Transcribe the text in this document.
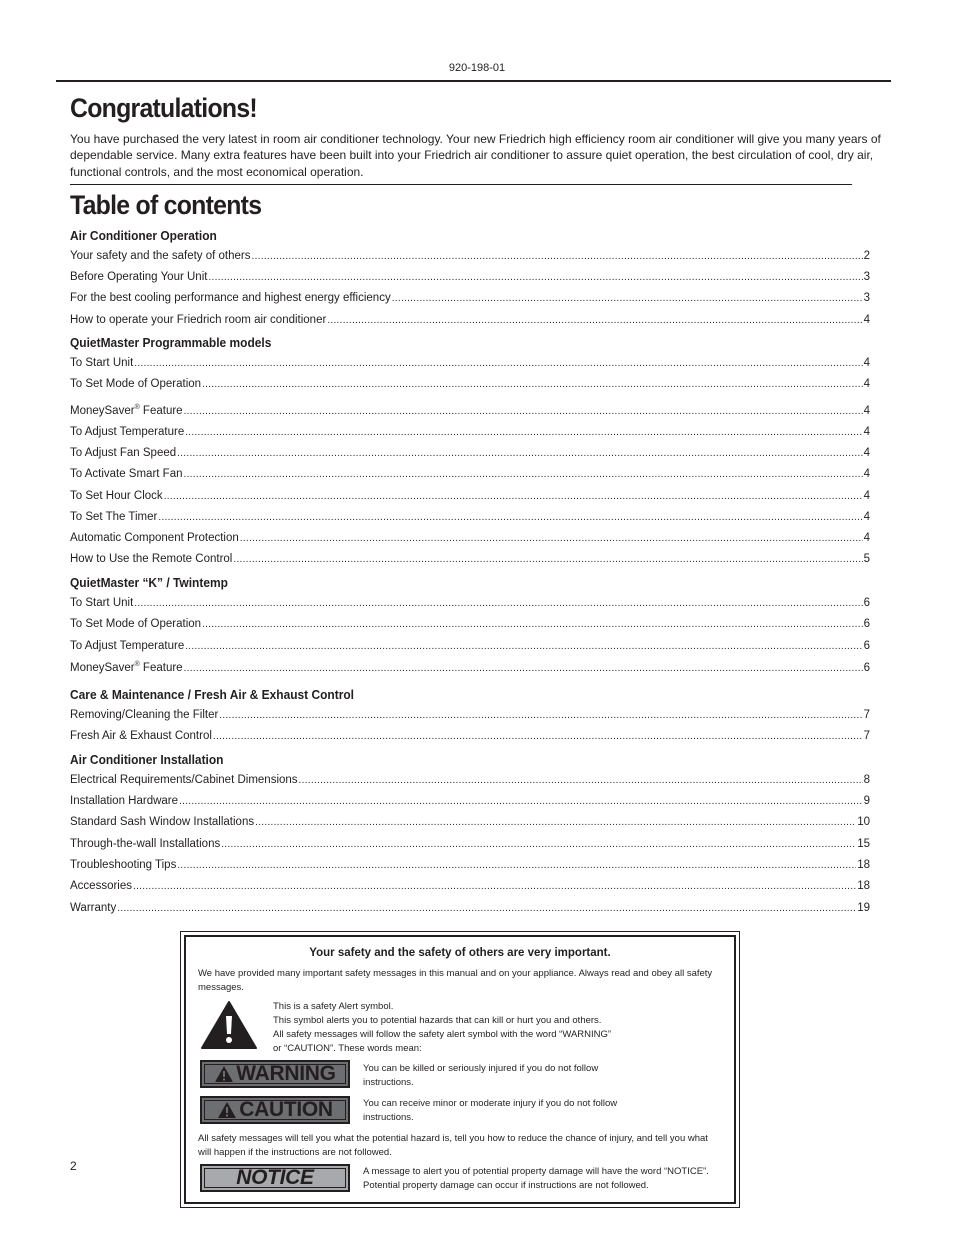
920-198-01
Congratulations!
You have purchased the very latest in room air conditioner technology. Your new Friedrich high efficiency room air conditioner will give you many years of dependable service. Many extra features have been built into your Friedrich air conditioner to assure quiet operation, the best circulation of cool, dry air, functional controls, and the most economical operation.
Table of contents
Air Conditioner Operation
Your safety and the safety of others .....	2
Before Operating Your Unit .....	3
For the best cooling performance and highest energy efficiency .....	3
How to operate your Friedrich room air conditioner .....	4
QuietMaster Programmable models
To Start Unit .....	4
To Set Mode of Operation .....	4
MoneySaver® Feature .....	4
To Adjust Temperature .....	4
To Adjust Fan Speed .....	4
To Activate Smart Fan .....	4
To Set Hour Clock .....	4
To Set The Timer .....	4
Automatic Component Protection .....	4
How to Use the Remote Control .....	5
QuietMaster “K” / Twintemp
To Start Unit .....	6
To Set Mode of Operation .....	6
To Adjust Temperature .....	6
MoneySaver® Feature .....	6
Care & Maintenance / Fresh Air & Exhaust Control
Removing/Cleaning the Filter .....	7
Fresh Air & Exhaust Control .....	7
Air Conditioner Installation
Electrical Requirements/Cabinet Dimensions .....	8
Installation Hardware .....	9
Standard Sash Window Installations .....	10
Through-the-wall Installations .....	15
Troubleshooting Tips .....	18
Accessories .....	18
Warranty .....	19
2
Your safety and the safety of others are very important.
We have provided many important safety messages in this manual and on your appliance. Always read and obey all safety messages.
This is a safety Alert symbol.
This symbol alerts you to potential hazards that can kill or hurt you and others.
All safety messages will follow the safety alert symbol with the word “WARNING”
or “CAUTION”. These words mean:
WARNING	You can be killed or seriously injured if you do not follow instructions.
CAUTION	You can receive minor or moderate injury if you do not follow instructions.
All safety messages will tell you what the potential hazard is, tell you how to reduce the chance of injury, and tell you what will happen if the instructions are not followed.
NOTICE	A message to alert you of potential property damage will have the word “NOTICE”. Potential property damage can occur if instructions are not followed.
